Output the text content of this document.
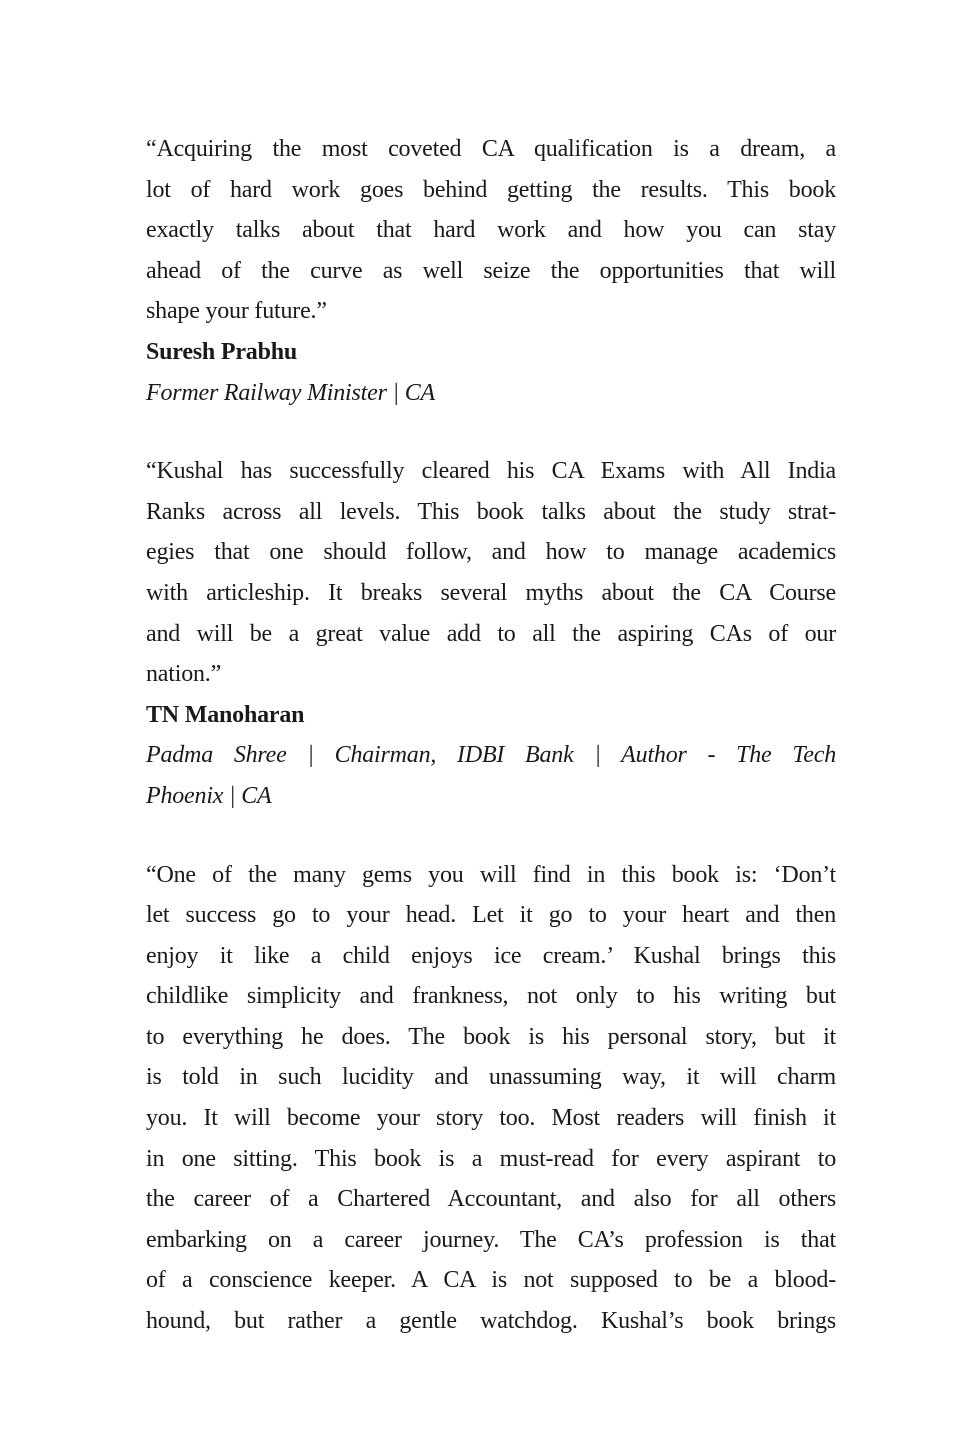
“Acquiring the most coveted CA qualification is a dream, a
lot of hard work goes behind getting the results. This book
exactly talks about that hard work and how you can stay
ahead of the curve as well seize the opportunities that will
shape your future.”
Suresh Prabhu
Former Railway Minister | CA
“Kushal has successfully cleared his CA Exams with All India
Ranks across all levels. This book talks about the study strat-
egies that one should follow, and how to manage academics
with articleship. It breaks several myths about the CA Course
and will be a great value add to all the aspiring CAs of our
nation.”
TN Manoharan
Padma Shree | Chairman, IDBI Bank | Author - The Tech
Phoenix | CA
“One of the many gems you will find in this book is: ‘Don’t
let success go to your head. Let it go to your heart and then
enjoy it like a child enjoys ice cream.’ Kushal brings this
childlike simplicity and frankness, not only to his writing but
to everything he does. The book is his personal story, but it
is told in such lucidity and unassuming way, it will charm
you. It will become your story too. Most readers will finish it
in one sitting. This book is a must-read for every aspirant to
the career of a Chartered Accountant, and also for all others
embarking on a career journey. The CA’s profession is that
of a conscience keeper. A CA is not supposed to be a blood-
hound, but rather a gentle watchdog. Kushal’s book brings
